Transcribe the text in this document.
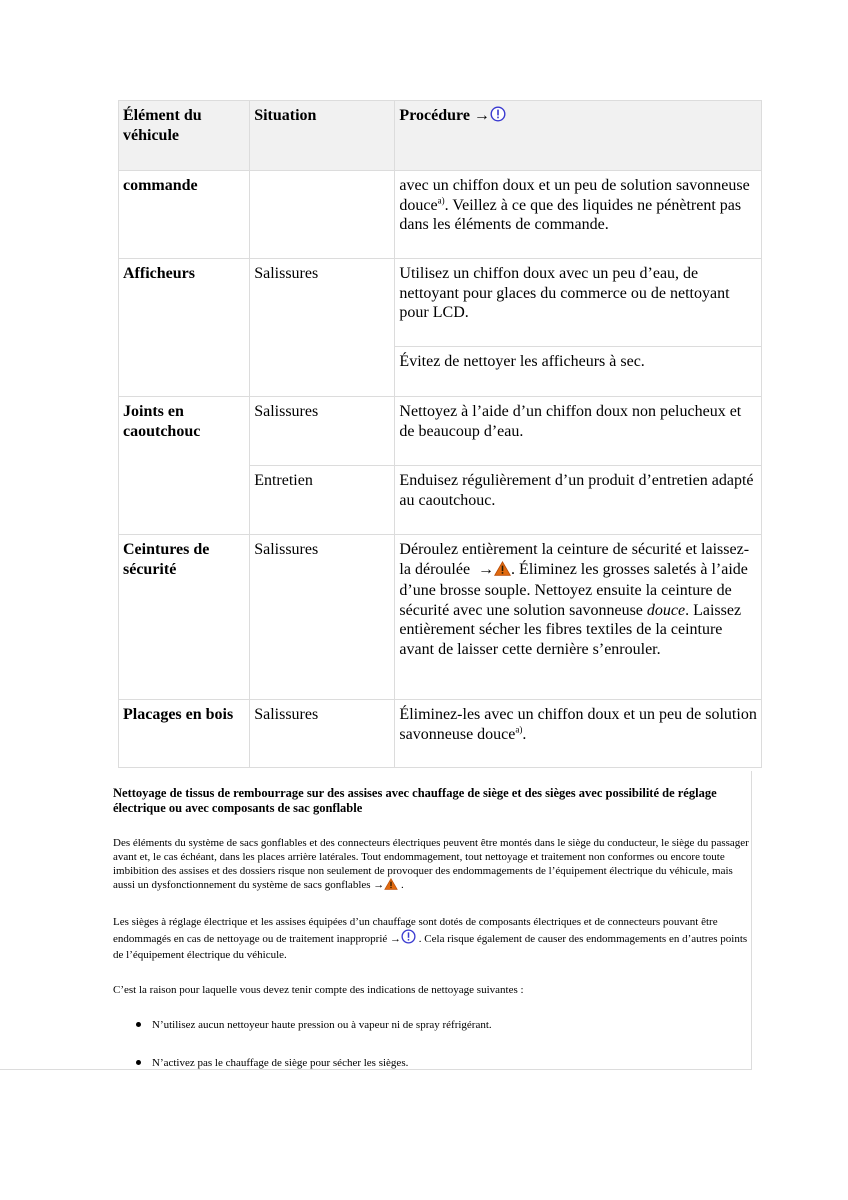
Élément du véhicule	Situation	Procédure →

commande		avec un chiffon doux et un peu de solution savonneuse douce$^{a)}$. Veillez à ce que des liquides ne pénètrent pas dans les éléments de commande.

Afficheurs	Salissures	Utilisez un chiffon doux avec un peu d’eau, de nettoyant pour glaces du commerce ou de nettoyant pour LCD.

		Évitez de nettoyer les afficheurs à sec.

Joints en caoutchouc	Salissures	Nettoyez à l’aide d’un chiffon doux non pelucheux et de beaucoup d’eau.

	Entretien	Enduisez régulièrement d’un produit d’entretien adapté au caoutchouc.

Ceintures de sécurité	Salissures	Déroulez entièrement la ceinture de sécurité et laissez-la déroulée → . Éliminez les grosses saletés à l’aide d’une brosse souple. Nettoyez ensuite la ceinture de sécurité avec une solution savonneuse douce. Laissez entièrement sécher les fibres textiles de la ceinture avant de laisser cette dernière s’enrouler.

Placages en bois	Salissures	Éliminez-les avec un chiffon doux et un peu de solution savonneuse douce$^{a)}$.
Nettoyage de tissus de rembourrage sur des assises avec chauffage de siège et des sièges avec possibilité de réglage électrique ou avec composants de sac gonflable

Des éléments du système de sacs gonflables et des connecteurs électriques peuvent être montés dans le siège du conducteur, le siège du passager avant et, le cas échéant, dans les places arrière latérales. Tout endommagement, tout nettoyage et traitement non conformes ou encore toute imbibition des assises et des dossiers risque non seulement de provoquer des endommagements de l’équipement électrique du véhicule, mais aussi un dysfonctionnement du système de sacs gonflables → .

Les sièges à réglage électrique et les assises équipées d’un chauffage sont dotés de composants électriques et de connecteurs pouvant être endommagés en cas de nettoyage ou de traitement inapproprié → . Cela risque également de causer des endommagements en d’autres points de l’équipement électrique du véhicule.

C’est la raison pour laquelle vous devez tenir compte des indications de nettoyage suivantes :

N’utilisez aucun nettoyeur haute pression ou à vapeur ni de spray réfrigérant.
N’activez pas le chauffage de siège pour sécher les sièges.
